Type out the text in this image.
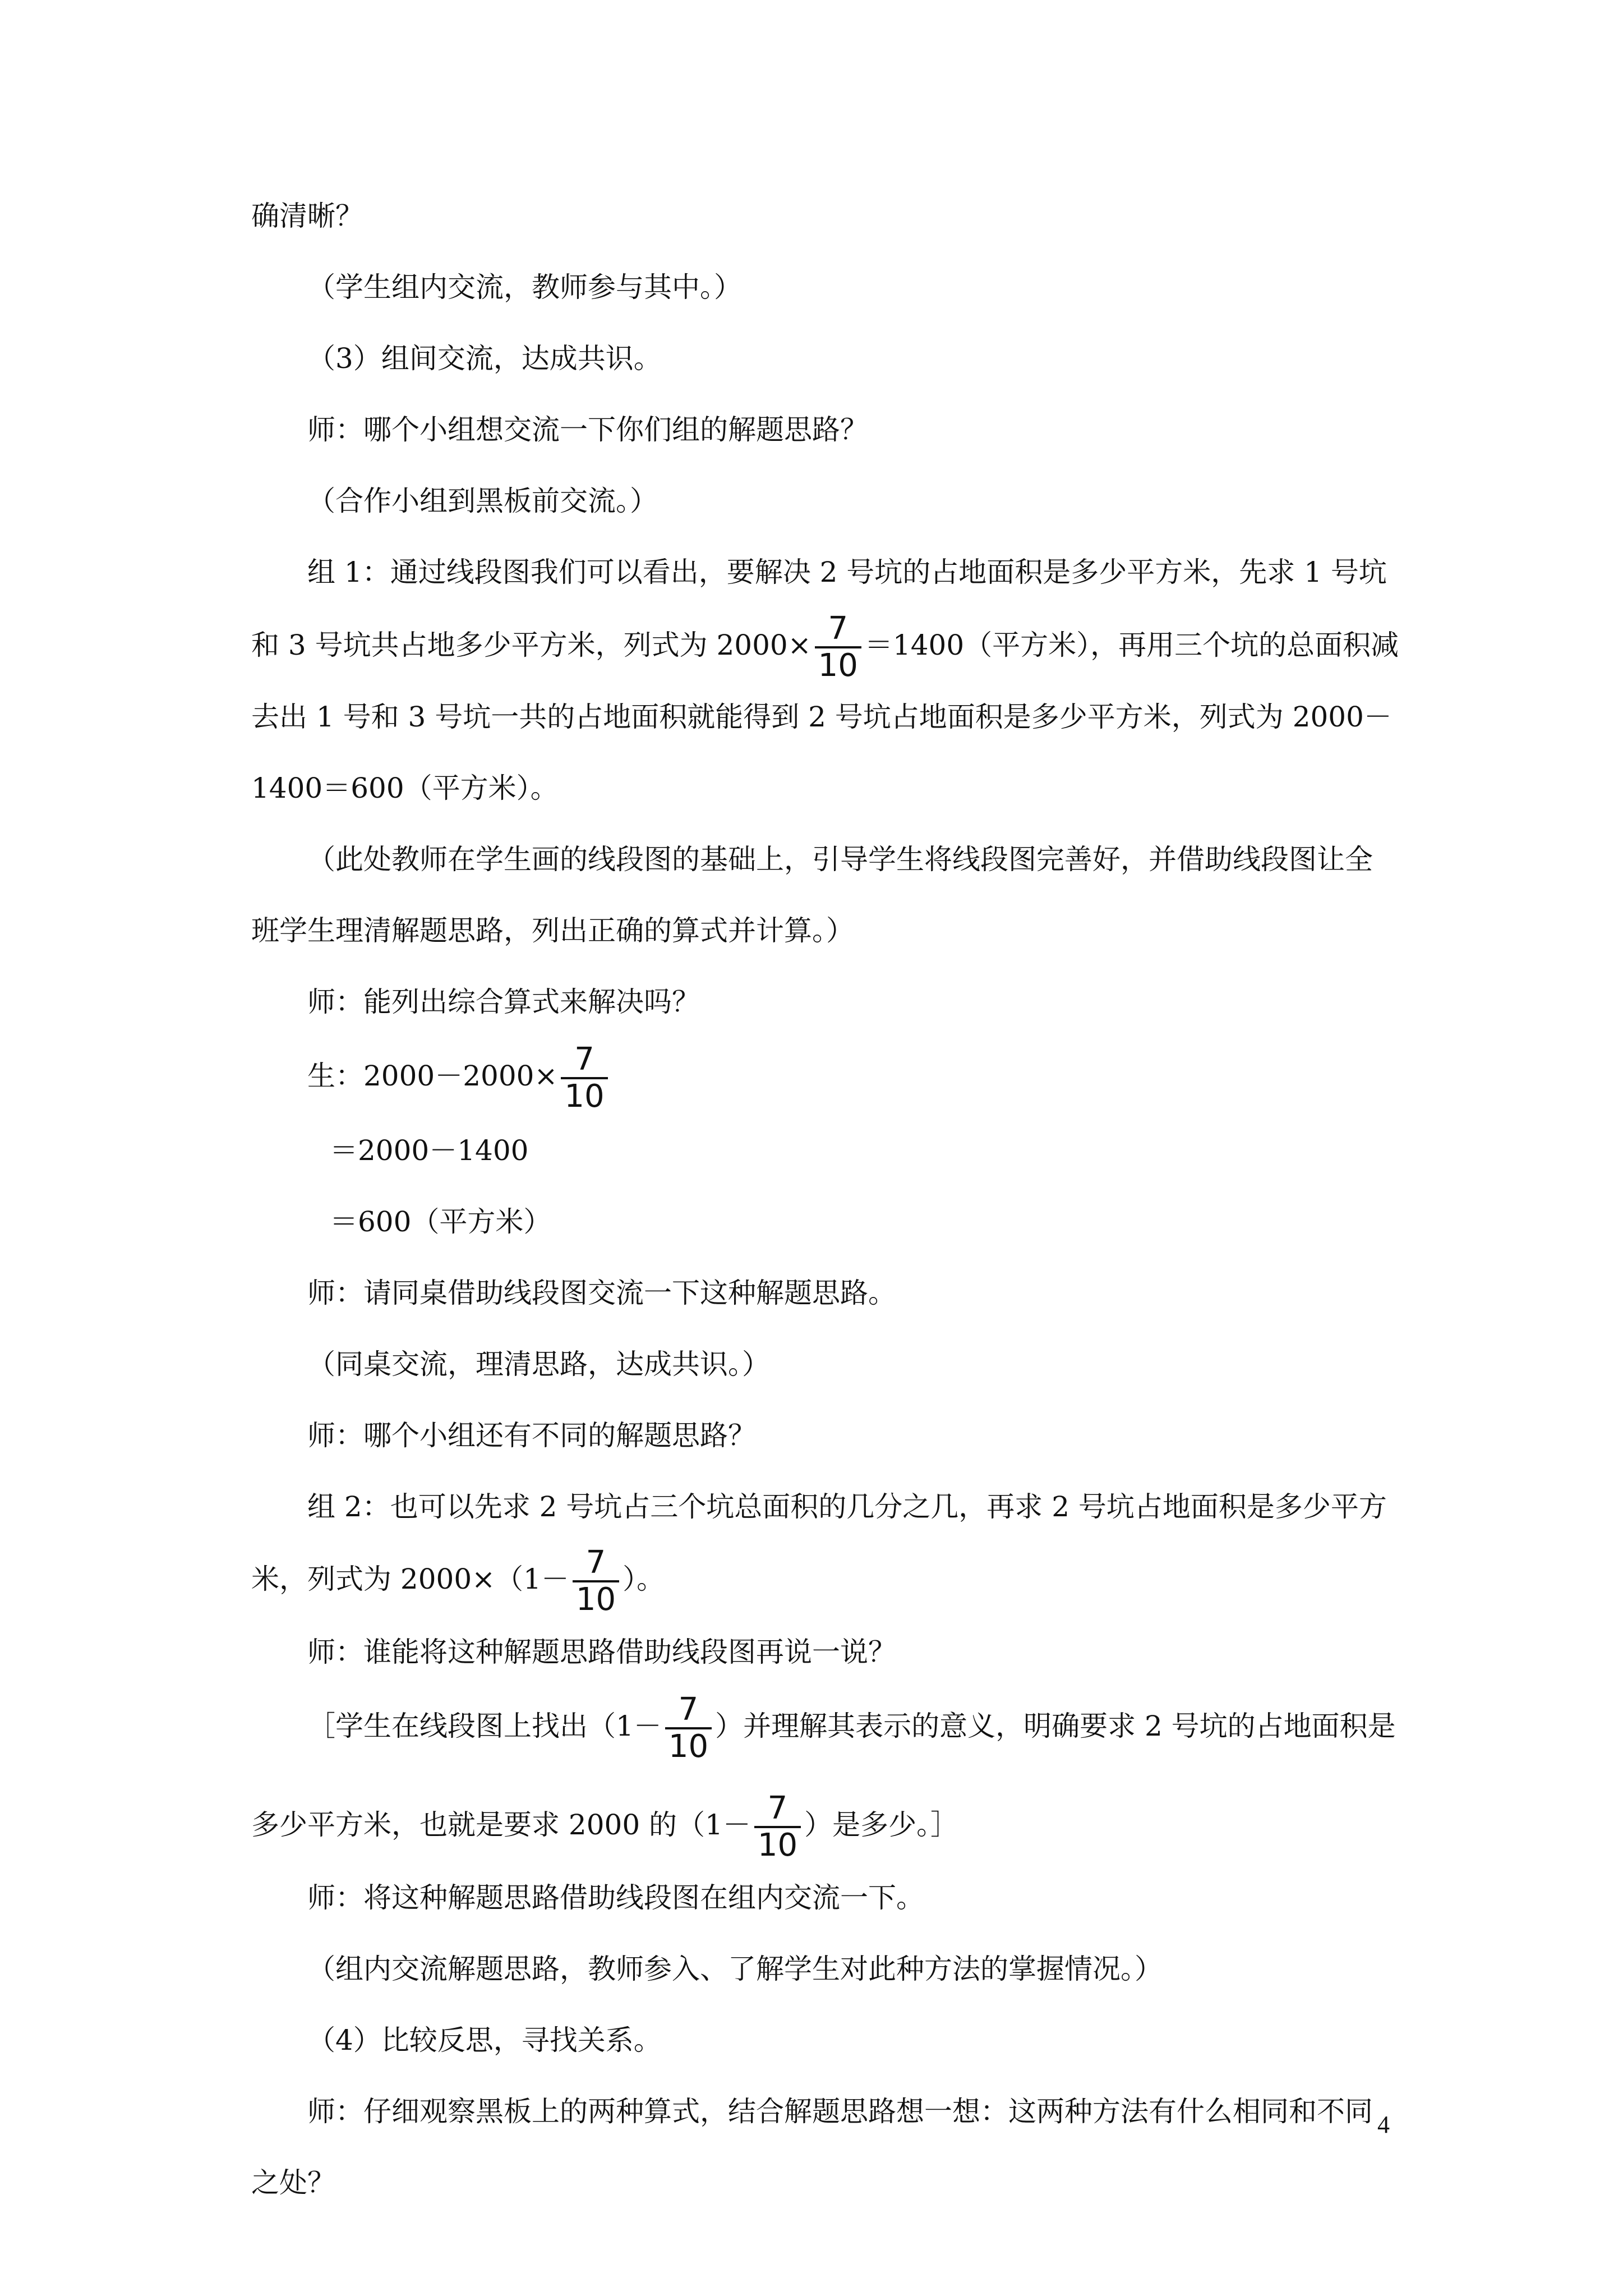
确清晰？
（学生组内交流，教师参与其中。）
（3）组间交流，达成共识。
师：哪个小组想交流一下你们组的解题思路？
（合作小组到黑板前交流。）
组 1：通过线段图我们可以看出，要解决 2 号坑的占地面积是多少平方米，先求 1 号坑
和 3 号坑共占地多少平方米，列式为 $2000\times \frac{7}{10} =1400$（平方米），再用三个坑的总面积减
去出 1 号和 3 号坑一共的占地面积就能得到 2 号坑占地面积是多少平方米，列式为 2000－
1400＝600（平方米）。
（此处教师在学生画的线段图的基础上，引导学生将线段图完善好，并借助线段图让全
班学生理清解题思路，列出正确的算式并计算。）
师：能列出综合算式来解决吗？
生：$2000-2000\times \frac{7}{10}$
＝2000－1400
＝600（平方米）
师：请同桌借助线段图交流一下这种解题思路。
（同桌交流，理清思路，达成共识。）
师：哪个小组还有不同的解题思路？
组 2：也可以先求 2 号坑占三个坑总面积的几分之几，再求 2 号坑占地面积是多少平方
米，列式为 $2000\times(1- \frac{7}{10}$ ）。
师：谁能将这种解题思路借助线段图再说一说？
［学生在线段图上找出（$1- \frac{7}{10}$ ）并理解其表示的意义，明确要求 2 号坑的占地面积是
多少平方米，也就是要求 2000 的（$1- \frac{7}{10}$ ）是多少。］
师：将这种解题思路借助线段图在组内交流一下。
（组内交流解题思路，教师参入、了解学生对此种方法的掌握情况。）
（4）比较反思，寻找关系。
师：仔细观察黑板上的两种算式，结合解题思路想一想：这两种方法有什么相同和不同
之处？
4
